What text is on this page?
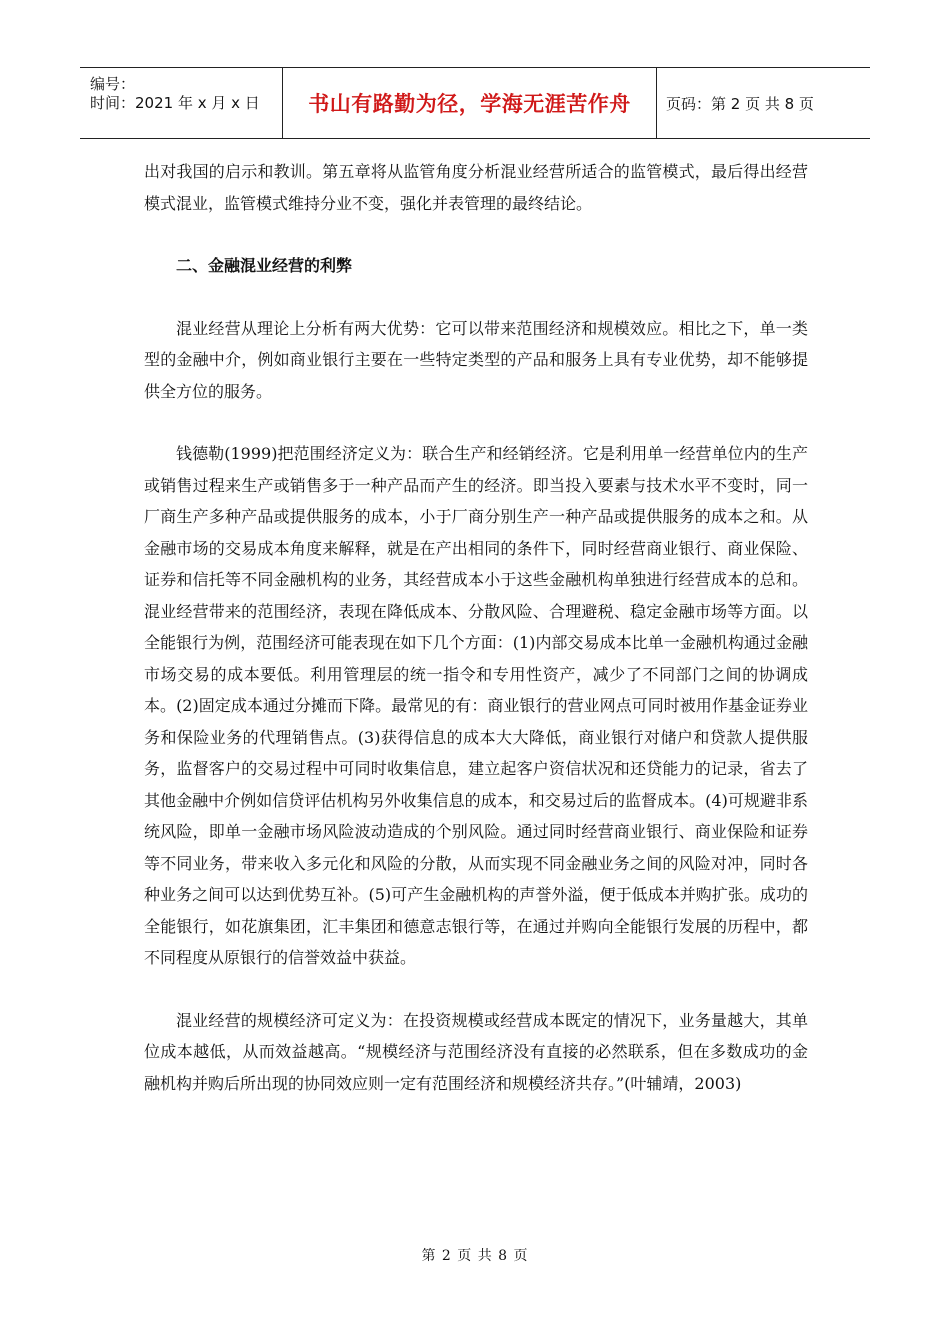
编号：
时间：2021 年 x 月 x 日	书山有路勤为径，学海无涯苦作舟	页码：第 2 页 共 8 页

出对我国的启示和教训。第五章将从监管角度分析混业经营所适合的监管模式，最后得出经营模式混业，监管模式维持分业不变，强化并表管理的最终结论。

二、金融混业经营的利弊

混业经营从理论上分析有两大优势：它可以带来范围经济和规模效应。相比之下，单一类型的金融中介，例如商业银行主要在一些特定类型的产品和服务上具有专业优势，却不能够提供全方位的服务。

钱德勒(1999)把范围经济定义为：联合生产和经销经济。它是利用单一经营单位内的生产或销售过程来生产或销售多于一种产品而产生的经济。即当投入要素与技术水平不变时，同一厂商生产多种产品或提供服务的成本，小于厂商分别生产一种产品或提供服务的成本之和。从金融市场的交易成本角度来解释，就是在产出相同的条件下，同时经营商业银行、商业保险、证券和信托等不同金融机构的业务，其经营成本小于这些金融机构单独进行经营成本的总和。混业经营带来的范围经济，表现在降低成本、分散风险、合理避税、稳定金融市场等方面。以全能银行为例，范围经济可能表现在如下几个方面：(1)内部交易成本比单一金融机构通过金融市场交易的成本要低。利用管理层的统一指令和专用性资产，减少了不同部门之间的协调成本。(2)固定成本通过分摊而下降。最常见的有：商业银行的营业网点可同时被用作基金证券业务和保险业务的代理销售点。(3)获得信息的成本大大降低，商业银行对储户和贷款人提供服务，监督客户的交易过程中可同时收集信息，建立起客户资信状况和还贷能力的记录，省去了其他金融中介例如信贷评估机构另外收集信息的成本，和交易过后的监督成本。(4)可规避非系统风险，即单一金融市场风险波动造成的个别风险。通过同时经营商业银行、商业保险和证券等不同业务，带来收入多元化和风险的分散，从而实现不同金融业务之间的风险对冲，同时各种业务之间可以达到优势互补。(5)可产生金融机构的声誉外溢，便于低成本并购扩张。成功的全能银行，如花旗集团，汇丰集团和德意志银行等，在通过并购向全能银行发展的历程中，都不同程度从原银行的信誉效益中获益。

混业经营的规模经济可定义为：在投资规模或经营成本既定的情况下，业务量越大，其单位成本越低，从而效益越高。“规模经济与范围经济没有直接的必然联系，但在多数成功的金融机构并购后所出现的协同效应则一定有范围经济和规模经济共存。”(叶辅靖，2003)

第 2 页 共 8 页
